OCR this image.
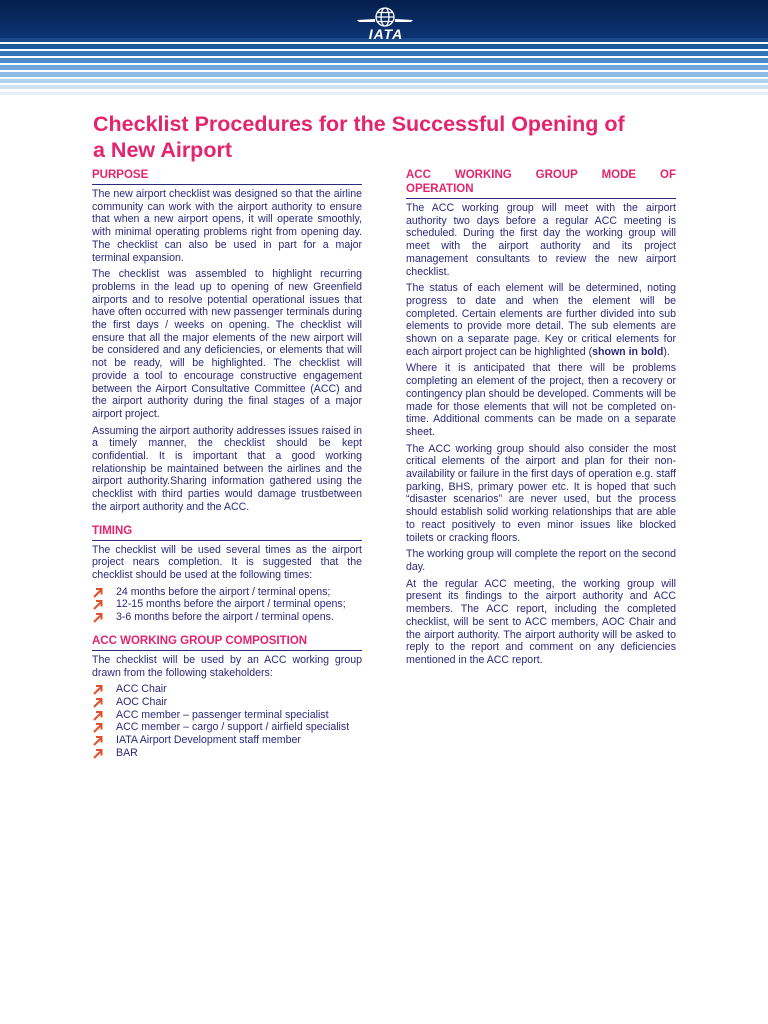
IATA
Checklist Procedures for the Successful Opening of
a New Airport
PURPOSE

The new airport checklist was designed so that the airline community can work with the airport authority to ensure that when a new airport opens, it will operate smoothly, with minimal operating problems right from opening day. The checklist can also be used in part for a major terminal expansion.

The checklist was assembled to highlight recurring problems in the lead up to opening of new Greenfield airports and to resolve potential operational issues that have often occurred with new passenger terminals during the first days / weeks on opening. The checklist will ensure that all the major elements of the new airport will be considered and any deficiencies, or elements that will not be ready, will be highlighted. The checklist will provide a tool to encourage constructive engagement between the Airport Consultative Committee (ACC) and the airport authority during the final stages of a major airport project.

Assuming the airport authority addresses issues raised in a timely manner, the checklist should be kept confidential. It is important that a good working relationship be maintained between the airlines and the airport authority.Sharing information gathered using the checklist with third parties would damage trustbetween the airport authority and the ACC.

TIMING

The checklist will be used several times as the airport project nears completion. It is suggested that the checklist should be used at the following times:

24 months before the airport / terminal opens;
12-15 months before the airport / terminal opens;
3-6 months before the airport / terminal opens.
ACC WORKING GROUP COMPOSITION

The checklist will be used by an ACC working group drawn from the following stakeholders:

ACC Chair
AOC Chair
ACC member – passenger terminal specialist
ACC member – cargo / support / airfield specialist
IATA Airport Development staff member
BAR
ACC WORKING GROUP MODE OF
OPERATION

The ACC working group will meet with the airport authority two days before a regular ACC meeting is scheduled. During the first day the working group will meet with the airport authority and its project management consultants to review the new airport checklist.

The status of each element will be determined, noting progress to date and when the element will be completed. Certain elements are further divided into sub elements to provide more detail. The sub elements are shown on a separate page. Key or critical elements for each airport project can be highlighted (shown in bold).

Where it is anticipated that there will be problems completing an element of the project, then a recovery or contingency plan should be developed. Comments will be made for those elements that will not be completed on-time. Additional comments can be made on a separate sheet.

The ACC working group should also consider the most critical elements of the airport and plan for their non-availability or failure in the first days of operation e.g. staff parking, BHS, primary power etc. It is hoped that such “disaster scenarios” are never used, but the process should establish solid working relationships that are able to react positively to even minor issues like blocked toilets or cracking floors.

The working group will complete the report on the second day.

At the regular ACC meeting, the working group will present its findings to the airport authority and ACC members. The ACC report, including the completed checklist, will be sent to ACC members, AOC Chair and the airport authority. The airport authority will be asked to reply to the report and comment on any deficiencies mentioned in the ACC report.
